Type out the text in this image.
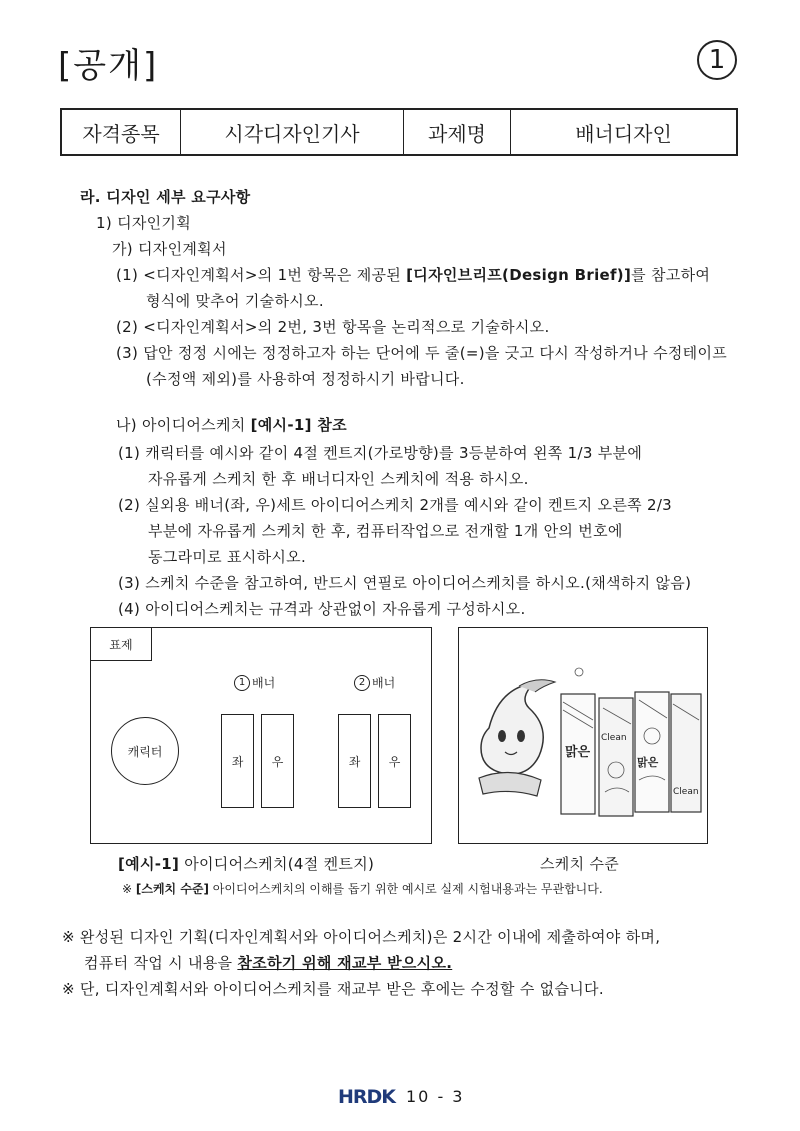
[공개]	1
자격종목	시각디자인기사	과제명	배너디자인
라. 디자인 세부 요구사항
1) 디자인기획
가) 디자인계획서
(1) <디자인계획서>의 1번 항목은 제공된 [디자인브리프(Design Brief)]를 참고하여
형식에 맞추어 기술하시오.
(2) <디자인계획서>의 2번, 3번 항목을 논리적으로 기술하시오.
(3) 답안 정정 시에는 정정하고자 하는 단어에 두 줄(=)을 긋고 다시 작성하거나 수정테이프
(수정액 제외)를 사용하여 정정하시기 바랍니다.
나) 아이디어스케치 [예시-1] 참조
(1) 캐릭터를 예시와 같이 4절 켄트지(가로방향)를 3등분하여 왼쪽 1/3 부분에
자유롭게 스케치 한 후 배너디자인 스케치에 적용 하시오.
(2) 실외용 배너(좌, 우)세트 아이디어스케치 2개를 예시와 같이 켄트지 오른쪽 2/3
부분에 자유롭게 스케치 한 후, 컴퓨터작업으로 전개할 1개 안의 번호에
동그라미로 표시하시오.
(3) 스케치 수준을 참고하여, 반드시 연필로 아이디어스케치를 하시오.(채색하지 않음)
(4) 아이디어스케치는 규격과 상관없이 자유롭게 구성하시오.
표제
1 배너	2 배너
캐릭터
좌	우	좌	우
맑은
Clean
Clean
맑은
[예시-1] 아이디어스케치(4절 켄트지)	스케치 수준
※ [스케치 수준] 아이디어스케치의 이해를 돕기 위한 예시로 실제 시험내용과는 무관합니다.
※ 완성된 디자인 기획(디자인계획서와 아이디어스케치)은 2시간 이내에 제출하여야 하며,
컴퓨터 작업 시 내용을 참조하기 위해 재교부 받으시오.
※ 단, 디자인계획서와 아이디어스케치를 재교부 받은 후에는 수정할 수 없습니다.
HRDK 10 - 3
